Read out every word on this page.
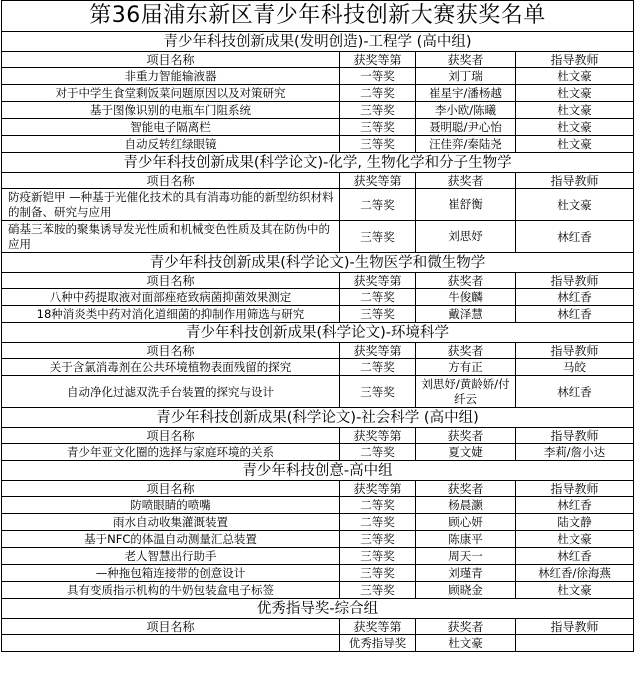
第36届浦东新区青少年科技创新大赛获奖名单			
青少年科技创新成果(发明创造)-工程学 (高中组)			
项目名称	获奖等第	获奖者	指导教师
非重力智能输液器	一等奖	刘丁瑞	杜文豪
对于中学生食堂剩饭菜问题原因以及对策研究	二等奖	崔星宇/潘杨越	杜文豪
基于图像识别的电瓶车门阻系统	三等奖	李小欧/陈曦	杜文豪
智能电子隔离栏	三等奖	聂明聪/尹心怡	杜文豪
自动反转红绿眼镜	三等奖	汪佳弈/秦陆尧	杜文豪
青少年科技创新成果(科学论文)-化学, 生物化学和分子生物学			
项目名称	获奖等第	获奖者	指导教师
防疫新铠甲 —种基于光催化技术的具有消毒功能的新型纺织材料的制备、研究与应用	二等奖	崔舒衡	杜文豪
硝基三苯胺的聚集诱导发光性质和机械变色性质及其在防伪中的应用	三等奖	刘思妤	林红香
青少年科技创新成果(科学论文)-生物医学和微生物学			
项目名称	获奖等第	获奖者	指导教师
八种中药提取液对面部痤疮致病菌抑菌效果测定	二等奖	牛俊麟	林红香
18种消炎类中药对消化道细菌的抑制作用筛选与研究	三等奖	戴泽慧	林红香
青少年科技创新成果(科学论文)-环境科学			
项目名称	获奖等第	获奖者	指导教师
关于含氯消毒剂在公共环境植物表面残留的探究	二等奖	方有正	马皎
自动净化过滤双洗手台装置的探究与设计	三等奖	刘思妤/黄龄娇/付纤云	林红香
青少年科技创新成果(科学论文)-社会科学 (高中组)			
项目名称	获奖等第	获奖者	指导教师
青少年亚文化圈的选择与家庭环境的关系	二等奖	夏文婕	李莉/詹小达
青少年科技创意-高中组			
项目名称	获奖等第	获奖者	指导教师
防喷眼睛的喷嘴	二等奖	杨晨灏	林红香
雨水自动收集灌溉装置	二等奖	顾心妍	陆文静
基于NFC的体温自动测量汇总装置	三等奖	陈康平	杜文豪
老人智慧出行助手	三等奖	周天一	林红香
—种拖包箱连接带的创意设计	三等奖	刘瑾青	林红香/徐海燕
具有变质指示机构的牛奶包装盒电子标签	三等奖	顾晓金	杜文豪
优秀指导奖-综合组			
项目名称	获奖等第	获奖者	指导教师
	优秀指导奖	杜文豪	
